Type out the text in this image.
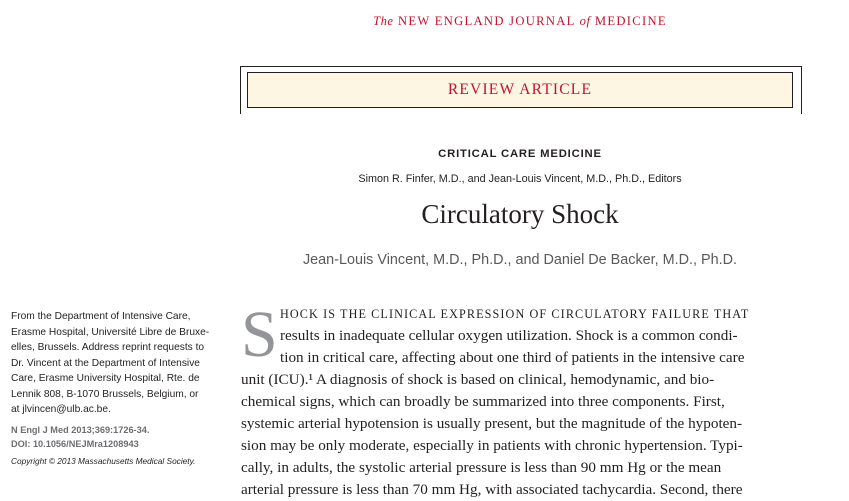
The NEW ENGLAND JOURNAL of MEDICINE
REVIEW ARTICLE
CRITICAL CARE MEDICINE
Simon R. Finfer, M.D., and Jean-Louis Vincent, M.D., Ph.D., Editors
Circulatory Shock
Jean-Louis Vincent, M.D., Ph.D., and Daniel De Backer, M.D., Ph.D.

From the Department of Intensive Care,

Erasme Hospital, Université Libre de Bruxe-

elles, Brussels. Address reprint requests to

Dr. Vincent at the Department of Intensive

Care, Erasme University Hospital, Rte. de

Lennik 808, B-1070 Brussels, Belgium, or

at jlvincen@ulb.ac.be.

N Engl J Med 2013;369:1726-34.
DOI: 10.1056/NEJMra1208943
Copyright © 2013 Massachusetts Medical Society.
S HOCK IS THE CLINICAL EXPRESSION OF CIRCULATORY FAILURE THAT
results in inadequate cellular oxygen utilization. Shock is a common condi-
tion in critical care, affecting about one third of patients in the intensive care
unit (ICU).¹ A diagnosis of shock is based on clinical, hemodynamic, and bio-
chemical signs, which can broadly be summarized into three components. First,
systemic arterial hypotension is usually present, but the magnitude of the hypoten-
sion may be only moderate, especially in patients with chronic hypertension. Typi-
cally, in adults, the systolic arterial pressure is less than 90 mm Hg or the mean
arterial pressure is less than 70 mm Hg, with associated tachycardia. Second, there
